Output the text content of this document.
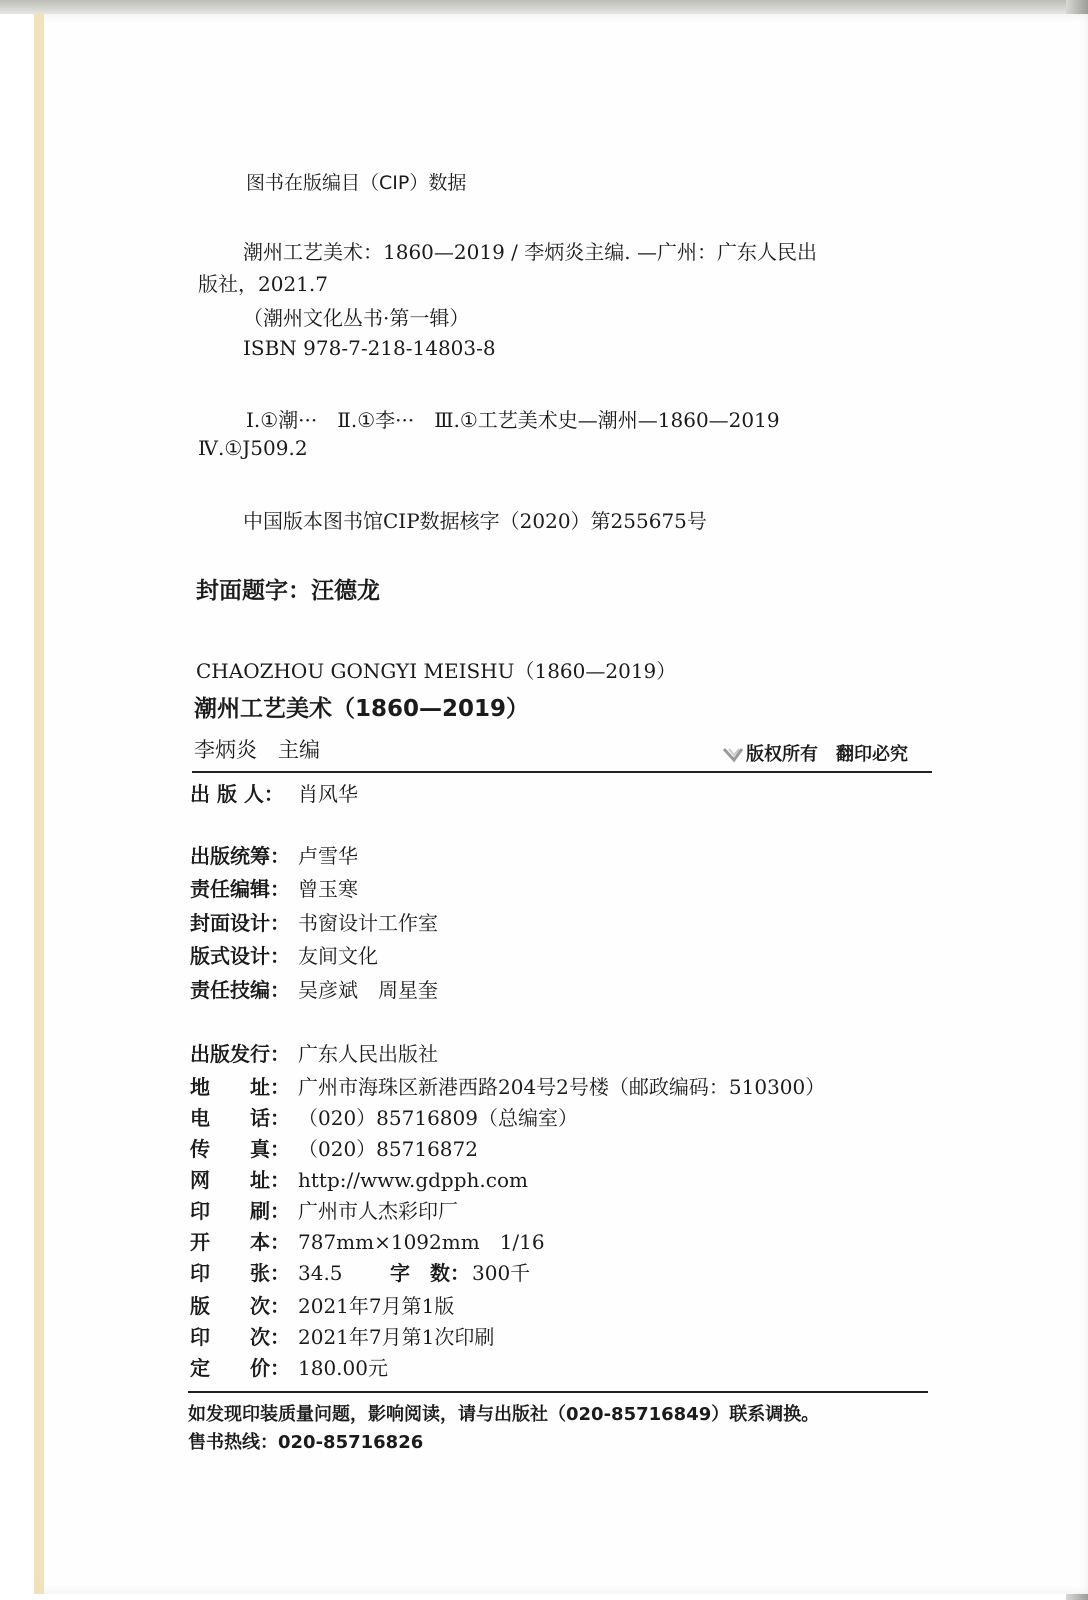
图书在版编目（CIP）数据
潮州工艺美术：1860—2019 / 李炳炎主编. —广州：广东人民出
版社，2021.7
（潮州文化丛书·第一辑）
ISBN 978-7-218-14803-8
Ⅰ.①潮···　Ⅱ.①李···　Ⅲ.①工艺美术史—潮州—1860—2019
Ⅳ.①J509.2
中国版本图书馆CIP数据核字（2020）第255675号
封面题字：汪德龙
CHAOZHOU GONGYI MEISHU（1860—2019）
潮州工艺美术（1860—2019）
李炳炎　主编	版权所有　翻印必究
出 版 人： 肖风华
出版统筹： 卢雪华
责任编辑： 曾玉寒
封面设计： 书窗设计工作室
版式设计： 友间文化
责任技编： 吴彦斌　周星奎
出版发行： 广东人民出版社
地　　址： 广州市海珠区新港西路204号2号楼（邮政编码：510300）
电　　话： （020）85716809（总编室）
传　　真： （020）85716872
网　　址： http://www.gdpph.com
印　　刷： 广州市人杰彩印厂
开　　本： 787mm×1092mm　1/16
印　　张： 34.5 字　数： 300千
版　　次： 2021年7月第1版
印　　次： 2021年7月第1次印刷
定　　价： 180.00元
如发现印装质量问题，影响阅读，请与出版社（020-85716849）联系调换。
售书热线：020-85716826
